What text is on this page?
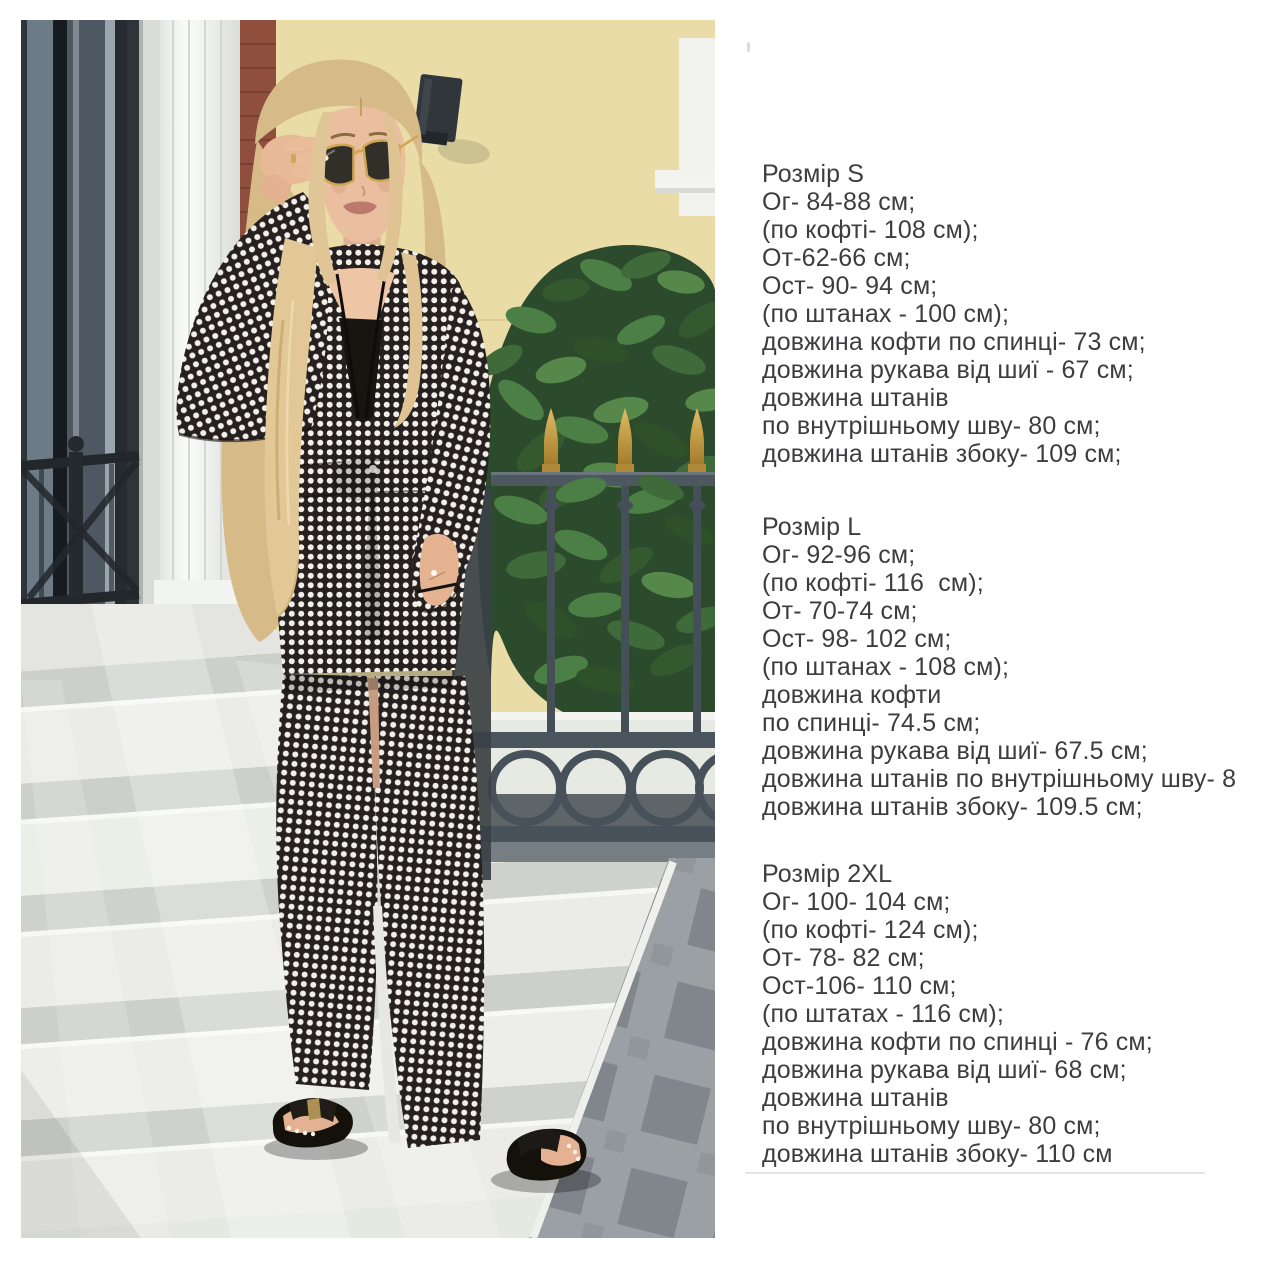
Розмір S
Ог- 84-88 см;
(по кофті- 108 см);
От-62-66 см;
Ост- 90- 94 см;
(по штанах - 100 см);
довжина кофти по спинці- 73 см;
довжина рукава від шиї - 67 см;
довжина штанів
по внутрішньому шву- 80 см;
довжина штанів збоку- 109 см;
Розмір L
Ог- 92-96 см;
(по кофті- 116  см);
От- 70-74 см;
Ост- 98- 102 см;
(по штанах - 108 см);
довжина кофти
по спинці- 74.5 см;
довжина рукава від шиї- 67.5 см;
довжина штанів по внутрішньому шву- 8
довжина штанів збоку- 109.5 см;
Розмір 2XL
Ог- 100- 104 см;
(по кофті- 124 см);
От- 78- 82 см;
Ост-106- 110 см;
(по штатах - 116 см);
довжина кофти по спинці - 76 см;
довжина рукава від шиї- 68 см;
довжина штанів
по внутрішньому шву- 80 см;
довжина штанів збоку- 110 см
